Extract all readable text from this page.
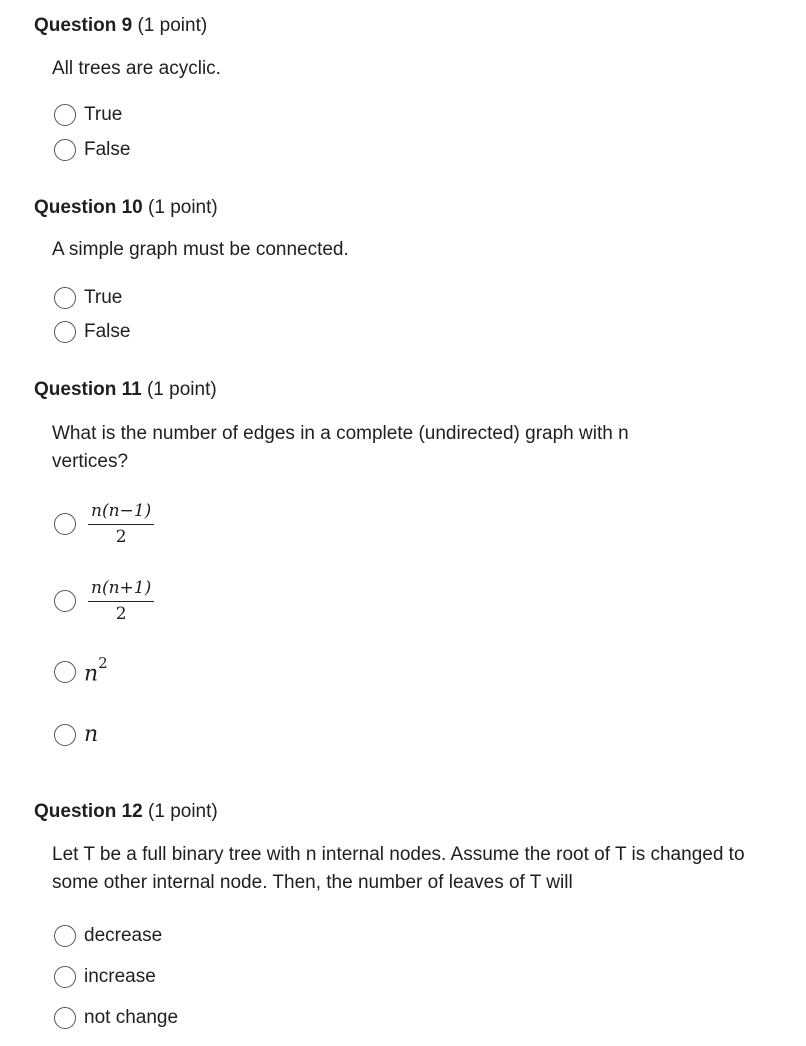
Question 9 (1 point)
All trees are acyclic.
True
False
Question 10 (1 point)
A simple graph must be connected.
True
False
Question 11 (1 point)
What is the number of edges in a complete (undirected) graph with n vertices?
$\frac{n(n-1)}{2}$
$\frac{n(n+1)}{2}$
$n^2$
n
Question 12 (1 point)
Let T be a full binary tree with n internal nodes. Assume the root of T is changed to some other internal node. Then, the number of leaves of T will
decrease
increase
not change
